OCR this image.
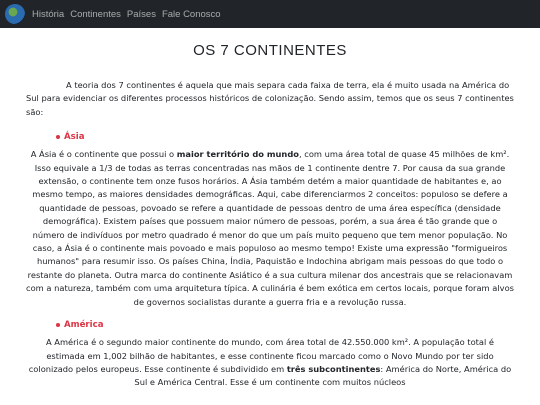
História Continentes Países Fale Conosco
OS 7 CONTINENTES

A teoria dos 7 continentes é aquela que mais separa cada faixa de terra, ela é muito usada na América do Sul para evidenciar os diferentes processos históricos de colonização. Sendo assim, temos que os seus 7 continentes são:

Ásia

A Ásia é o continente que possui o maior território do mundo, com uma área total de quase 45 milhões de km². Isso equivale a 1/3 de todas as terras concentradas nas mãos de 1 continente dentre 7. Por causa da sua grande extensão, o continente tem onze fusos horários. A Ásia também detém a maior quantidade de habitantes e, ao mesmo tempo, as maiores densidades demográficas. Aqui, cabe diferenciarmos 2 conceitos: populoso se defere a quantidade de pessoas, povoado se refere a quantidade de pessoas dentro de uma área específica (densidade demográfica). Existem países que possuem maior número de pessoas, porém, a sua área é tão grande que o número de indivíduos por metro quadrado é menor do que um país muito pequeno que tem menor população. No caso, a Ásia é o continente mais povoado e mais populoso ao mesmo tempo! Existe uma expressão "formigueiros humanos" para resumir isso. Os países China, Índia, Paquistão e Indochina abrigam mais pessoas do que todo o restante do planeta. Outra marca do continente Asiático é a sua cultura milenar dos ancestrais que se relacionavam com a natureza, também com uma arquitetura típica. A culinária é bem exótica em certos locais, porque foram alvos de governos socialistas durante a guerra fria e a revolução russa.

América

A América é o segundo maior continente do mundo, com área total de 42.550.000 km². A população total é estimada em 1,002 bilhão de habitantes, e esse continente ficou marcado como o Novo Mundo por ter sido colonizado pelos europeus. Esse continente é subdividido em três subcontinentes: América do Norte, América do Sul e América Central. Esse é um continente com muitos núcleos
